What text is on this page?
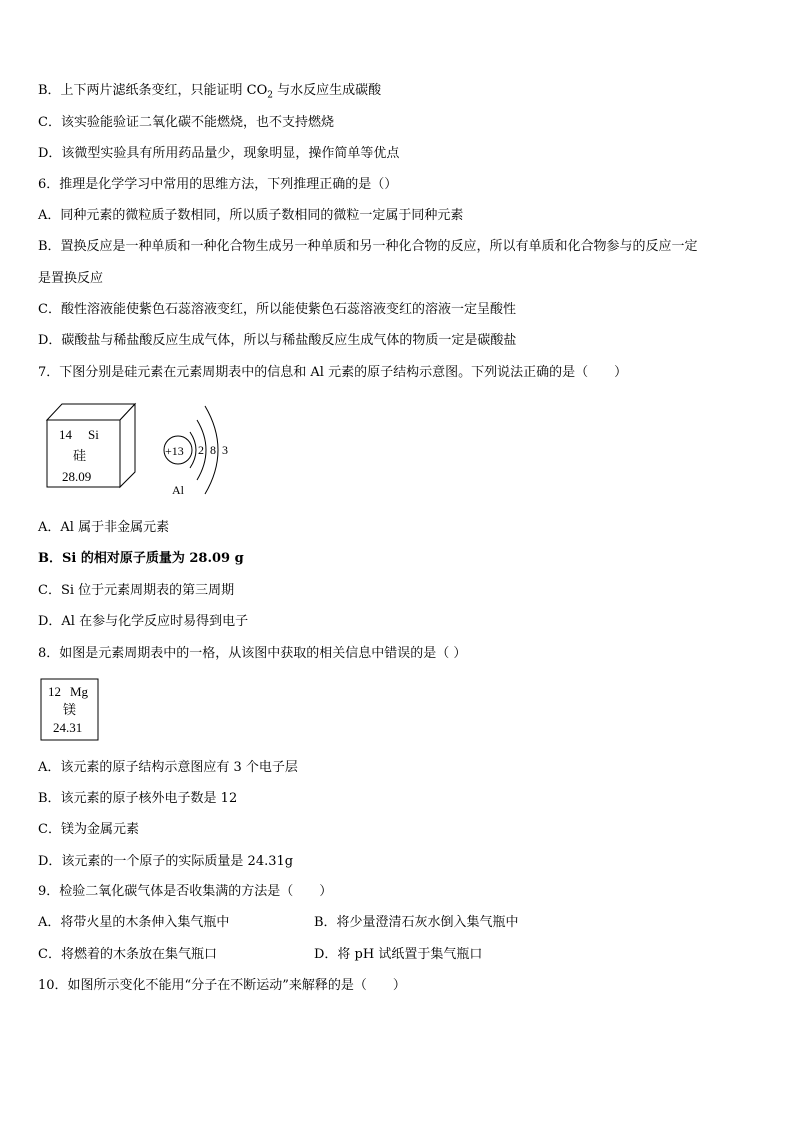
B．上下两片滤纸条变红，只能证明 $CO_2$ 与水反应生成碳酸
C．该实验能验证二氧化碳不能燃烧，也不支持燃烧
D．该微型实验具有所用药品量少，现象明显，操作简单等优点
6．推理是化学学习中常用的思维方法，下列推理正确的是（）
A．同种元素的微粒质子数相同，所以质子数相同的微粒一定属于同种元素
B．置换反应是一种单质和一种化合物生成另一种单质和另一种化合物的反应，所以有单质和化合物参与的反应一定
是置换反应
C．酸性溶液能使紫色石蕊溶液变红，所以能使紫色石蕊溶液变红的溶液一定呈酸性
D．碳酸盐与稀盐酸反应生成气体，所以与稀盐酸反应生成气体的物质一定是碳酸盐
7．下图分别是硅元素在元素周期表中的信息和 Al 元素的原子结构示意图。下列说法正确的是（　　）
14 Si
硅
28.09
+13 2  8  3
Al
A．Al 属于非金属元素
B．Si 的相对原子质量为 28.09 g
C．Si 位于元素周期表的第三周期
D．Al 在参与化学反应时易得到电子
8．如图是元素周期表中的一格，从该图中获取的相关信息中错误的是（ ）
12 Mg
镁
24.31
A．该元素的原子结构示意图应有 3 个电子层
B．该元素的原子核外电子数是 12
C．镁为金属元素
D．该元素的一个原子的实际质量是 24.31g
9．检验二氧化碳气体是否收集满的方法是（　　）
A．将带火星的木条伸入集气瓶中	B．将少量澄清石灰水倒入集气瓶中
C．将燃着的木条放在集气瓶口	D．将 pH 试纸置于集气瓶口
10．如图所示变化不能用“分子在不断运动”来解释的是（　　）
